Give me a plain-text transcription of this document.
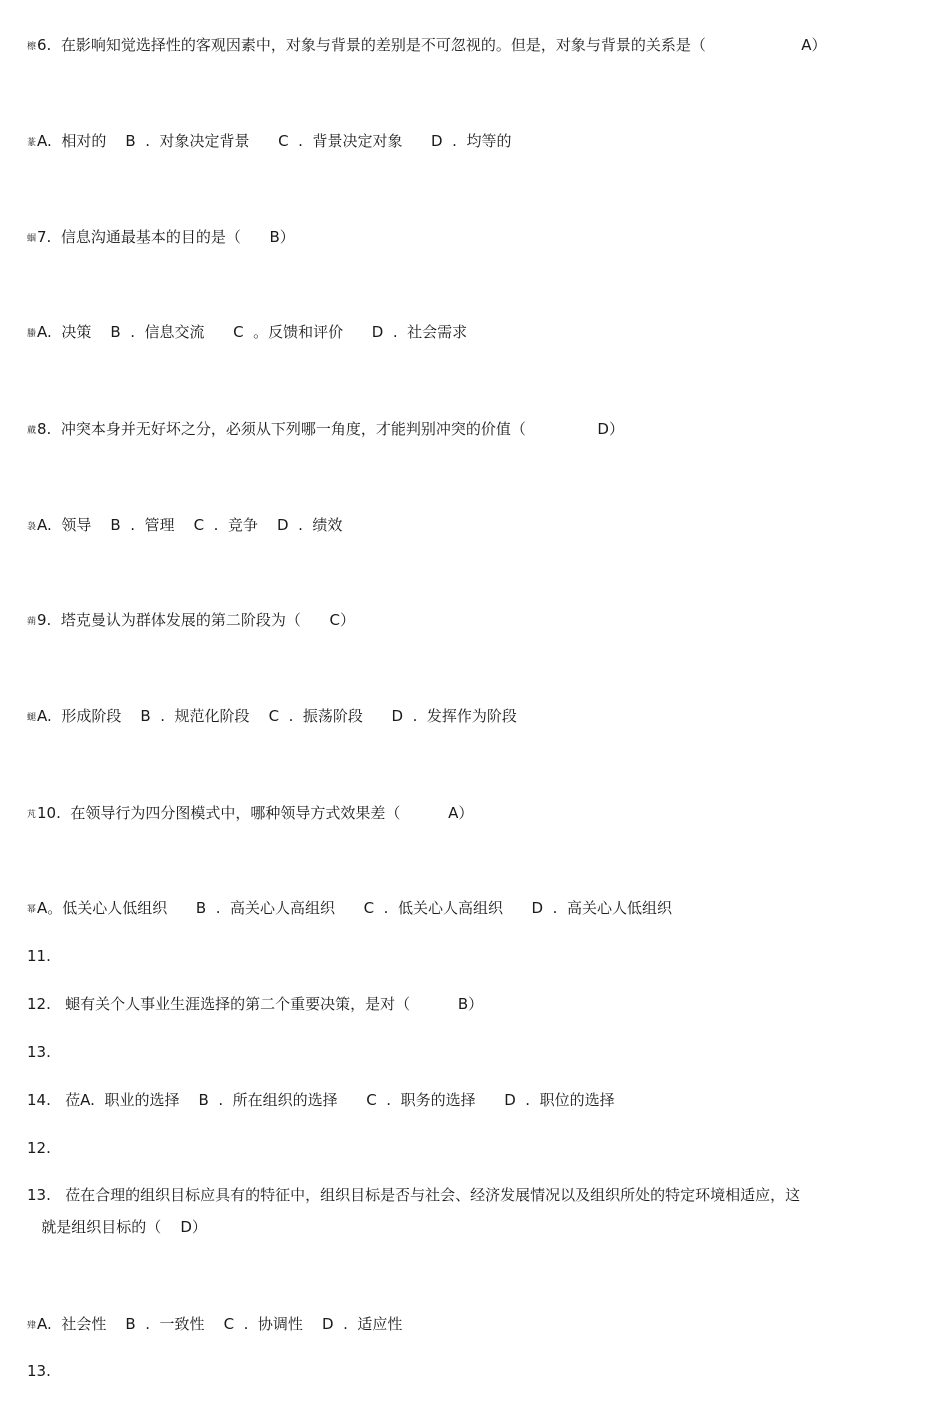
檫6.  在影响知觉选择性的客观因素中，对象与背景的差别是不可忽视的。但是，对象与背景的关系是（                    A）
蒃A.  相对的    B  .  对象决定背景      C  .  背景决定对象      D  .  均等的
蝈7.  信息沟通最基本的目的是（      B）
螣A.  决策    B  .  信息交流      C  。反馈和评价      D  .  社会需求
蕆8.  冲突本身并无好坏之分，必须从下列哪一角度，才能判别冲突的价值（               D）
袅A.  领导    B  .  管理    C  .  竞争    D  .  绩效
蒴9.  塔克曼认为群体发展的第二阶段为（      C）
螁A.  形成阶段    B  .  规范化阶段    C  .  振荡阶段      D  .  发挥作为阶段
芃10.  在领导行为四分图模式中，哪种领导方式效果差（          A）
幂A。低关心人低组织      B  .  高关心人高组织      C  .  低关心人高组织      D  .  高关心人低组织
11.
12.   螁有关个人事业生涯选择的第二个重要决策，是对（          B）
13.
14.   莅A.  职业的选择    B  .  所在组织的选择      C  .  职务的选择      D  .  职位的选择
12.
13.   莅在合理的组织目标应具有的特征中，组织目标是否与社会、经济发展情况以及组织所处的特定环境相适应，这
就是组织目标的（    D）
肂A.  社会性    B  .  一致性    C  .  协调性    D  .  适应性
13.
